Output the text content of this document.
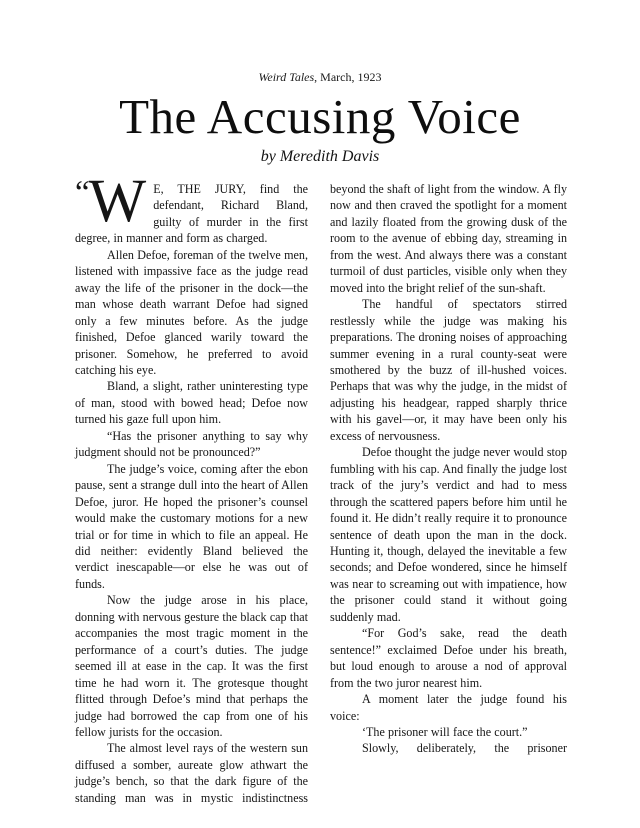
Weird Tales, March, 1923
The Accusing Voice
by Meredith Davis

“ W E, THE JURY, find the defendant, Richard Bland, guilty of murder in the first degree, in manner and form as charged.

Allen Defoe, foreman of the twelve men, listened with impassive face as the judge read away the life of the prisoner in the dock—the man whose death warrant Defoe had signed only a few minutes before. As the judge finished, Defoe glanced warily toward the prisoner. Somehow, he preferred to avoid catching his eye.

Bland, a slight, rather uninteresting type of man, stood with bowed head; Defoe now turned his gaze full upon him.

“Has the prisoner anything to say why judgment should not be pronounced?”

The judge’s voice, coming after the ebon pause, sent a strange dull into the heart of Allen Defoe, juror. He hoped the prisoner’s counsel would make the customary motions for a new trial or for time in which to file an appeal. He did neither: evidently Bland believed the verdict inescapable—or else he was out of funds.

Now the judge arose in his place, donning with nervous gesture the black cap that accompanies the most tragic moment in the performance of a court’s duties. The judge seemed ill at ease in the cap. It was the first time he had worn it. The grotesque thought flitted through Defoe’s mind that perhaps the judge had borrowed the cap from one of his fellow jurists for the occasion.

The almost level rays of the western sun diffused a somber, aureate glow athwart the judge’s bench, so that the dark figure of the standing man was in mystic indistinctness

beyond the shaft of light from the window. A fly now and then craved the spotlight for a moment and lazily floated from the growing dusk of the room to the avenue of ebbing day, streaming in from the west. And always there was a constant turmoil of dust particles, visible only when they moved into the bright relief of the sun-shaft.

The handful of spectators stirred restlessly while the judge was making his preparations. The droning noises of approaching summer evening in a rural county-seat were smothered by the buzz of ill-hushed voices. Perhaps that was why the judge, in the midst of adjusting his headgear, rapped sharply thrice with his gavel—or, it may have been only his excess of nervousness.

Defoe thought the judge never would stop fumbling with his cap. And finally the judge lost track of the jury’s verdict and had to mess through the scattered papers before him until he found it. He didn’t really require it to pronounce sentence of death upon the man in the dock. Hunting it, though, delayed the inevitable a few seconds; and Defoe wondered, since he himself was near to screaming out with impatience, how the prisoner could stand it without going suddenly mad.

“For God’s sake, read the death sentence!” exclaimed Defoe under his breath, but loud enough to arouse a nod of approval from the two juror nearest him.

A moment later the judge found his voice:

‘The prisoner will face the court.”

Slowly, deliberately, the prisoner
